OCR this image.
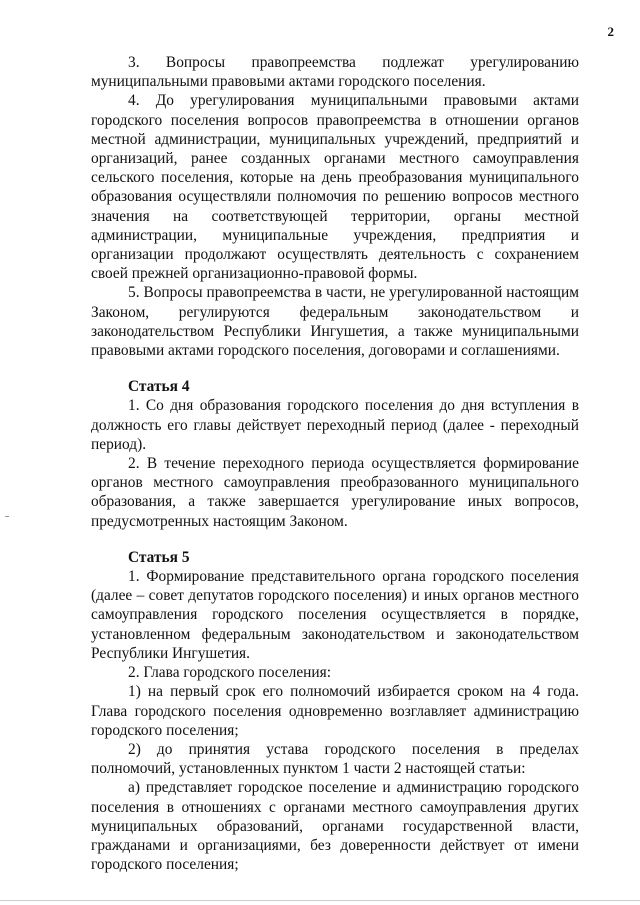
2

3. Вопросы правопреемства подлежат урегулированию муниципальными правовыми актами городского поселения.

4. До урегулирования муниципальными правовыми актами городского поселения вопросов правопреемства в отношении органов местной администрации, муниципальных учреждений, предприятий и организаций, ранее созданных органами местного самоуправления сельского поселения, которые на день преобразования муниципального образования осуществляли полномочия по решению вопросов местного значения на соответствующей территории, органы местной администрации, муниципальные учреждения, предприятия и организации продолжают осуществлять деятельность с сохранением своей прежней организационно-правовой формы.

5. Вопросы правопреемства в части, не урегулированной настоящим Законом, регулируются федеральным законодательством и законодательством Республики Ингушетия, а также муниципальными правовыми актами городского поселения, договорами и соглашениями.

Статья 4

1. Со дня образования городского поселения до дня вступления в должность его главы действует переходный период (далее - переходный период).

2. В течение переходного периода осуществляется формирование органов местного самоуправления преобразованного муниципального образования, а также завершается урегулирование иных вопросов, предусмотренных настоящим Законом.

Статья 5

1. Формирование представительного органа городского поселения (далее – совет депутатов городского поселения) и иных органов местного самоуправления городского поселения осуществляется в порядке, установленном федеральным законодательством и законодательством Республики Ингушетия.

2. Глава городского поселения:

1) на первый срок его полномочий избирается сроком на 4 года. Глава городского поселения одновременно возглавляет администрацию городского поселения;

2) до принятия устава городского поселения в пределах полномочий, установленных пунктом 1 части 2 настоящей статьи:

а) представляет городское поселение и администрацию городского поселения в отношениях с органами местного самоуправления других муниципальных образований, органами государственной власти, гражданами и организациями, без доверенности действует от имени городского поселения;
